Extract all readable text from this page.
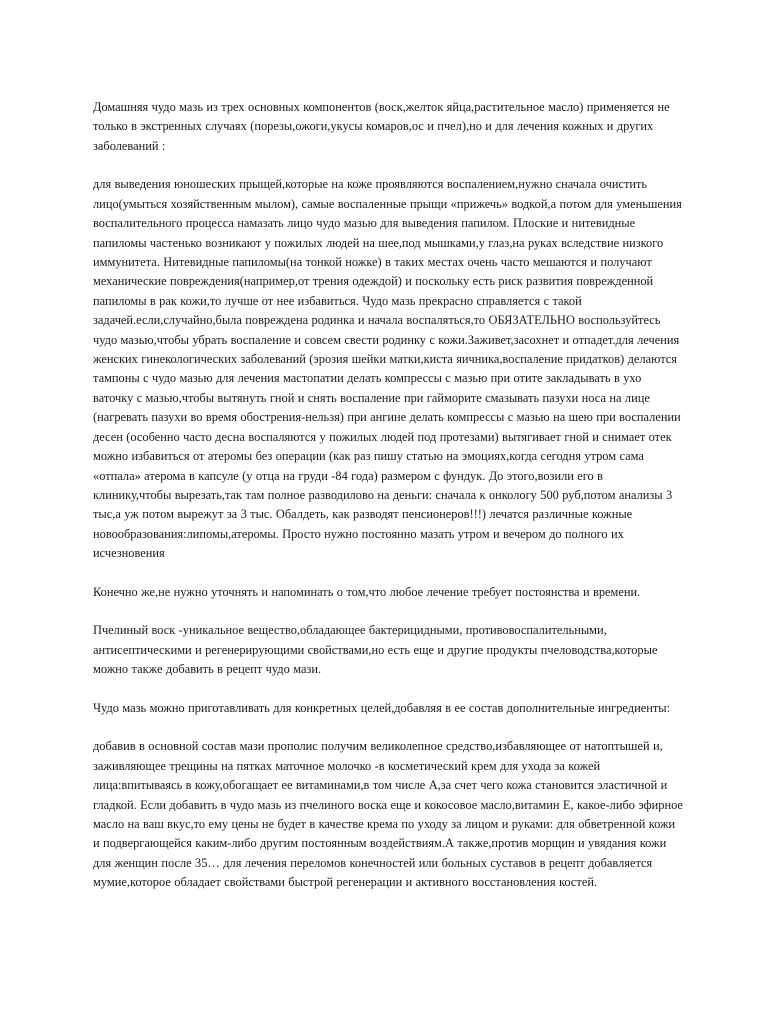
Домашняя чудо мазь из трех основных компонентов (воск,желток яйца,растительное масло) применяется не только в экстренных случаях (порезы,ожоги,укусы комаров,ос и пчел),но и для лечения кожных и других заболеваний :

для выведения юношеских прыщей,которые на коже проявляются воспалением,нужно сначала очистить лицо(умыться хозяйственным мылом), самые воспаленные прыщи «прижечь» водкой,а потом для уменьшения воспалительного процесса намазать лицо чудо мазью для выведения папилом. Плоские и нитевидные папиломы частенько возникают у пожилых людей на шее,под мышками,у глаз,на руках вследствие низкого иммунитета. Нитевидные папиломы(на тонкой ножке) в таких местах очень часто мешаются и получают механические повреждения(например,от трения одеждой) и поскольку есть риск развития поврежденной папиломы в рак кожи,то лучше от нее избавиться. Чудо мазь прекрасно справляется с такой задачей.если,случайно,была повреждена родинка и начала воспаляться,то ОБЯЗАТЕЛЬНО воспользуйтесь чудо мазью,чтобы убрать воспаление и совсем свести родинку с кожи.Заживет,засохнет и отпадет.для лечения женских гинекологических заболеваний (эрозия шейки матки,киста яичника,воспаление придатков) делаются тампоны с чудо мазью для лечения мастопатии делать компрессы с мазью при отите закладывать в ухо ваточку с мазью,чтобы вытянуть гной и снять воспаление при гайморите смазывать пазухи носа на лице (нагревать пазухи во время обострения-нельзя) при ангине делать компрессы с мазью на шею при воспалении десен (особенно часто десна воспаляются у пожилых людей под протезами) вытягивает гной и снимает отек можно избавиться от атеромы без операции (как раз пишу статью на эмоциях,когда сегодня утром сама «отпала» атерома в капсуле (у отца на груди -84 года) размером с фундук. До этого,возили его в клинику,чтобы вырезать,так там полное разводилово на деньги: сначала к онкологу 500 руб,потом анализы 3 тыс,а уж потом вырежут за 3 тыс. Обалдеть, как разводят пенсионеров!!!) лечатся различные кожные новообразования:липомы,атеромы. Просто нужно постоянно мазать утром и вечером до полного их исчезновения

Конечно же,не нужно уточнять и напоминать о том,что любое лечение требует постоянства и времени.

Пчелиный воск -уникальное вещество,обладающее бактерицидными, противовоспалительными, антисептическими и регенерирующими свойствами,но есть еще и другие продукты пчеловодства,которые можно также добавить в рецепт чудо мази.

Чудо мазь можно приготавливать для конкретных целей,добавляя в ее состав дополнительные ингредиенты:

добавив в основной состав мази прополис получим великолепное средство,избавляющее от натоптышей и, заживляющее трещины на пятках маточное молочко -в косметический крем для ухода за кожей лица:впитываясь в кожу,обогащает ее витаминами,в том числе А,за счет чего кожа становится эластичной и гладкой. Если добавить в чудо мазь из пчелиного воска еще и кокосовое масло,витамин Е, какое-либо эфирное масло на ваш вкус,то ему цены не будет в качестве крема по уходу за лицом и руками: для обветренной кожи и подвергающейся каким-либо другим постоянным воздействиям.А также,против морщин и увядания кожи для женщин после 35… для лечения переломов конечностей или больных суставов в рецепт добавляется мумие,которое обладает свойствами быстрой регенерации и активного восстановления костей.
